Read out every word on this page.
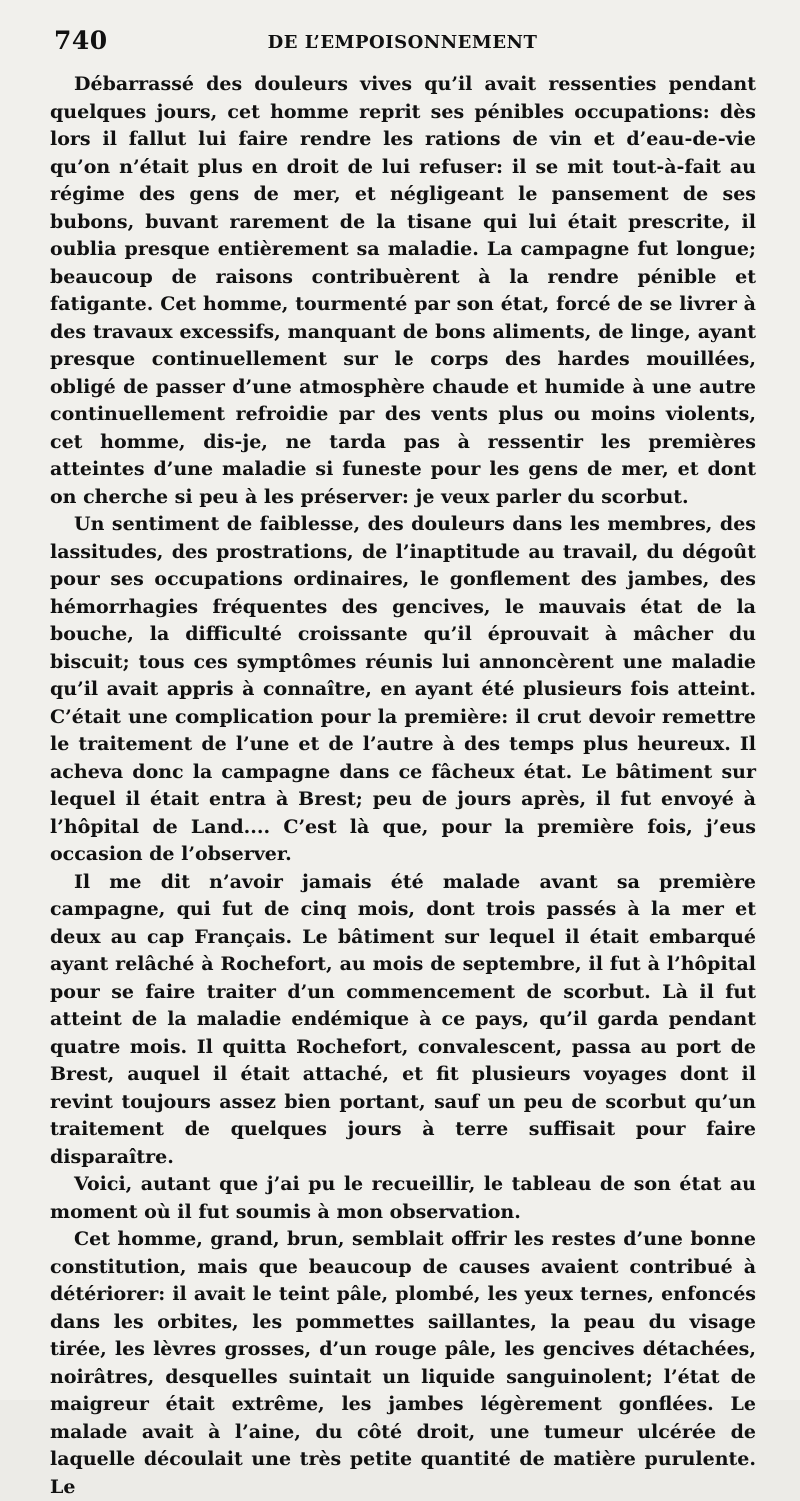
740	DE L’EMPOISONNEMENT

Débarrassé des douleurs vives qu’il avait ressenties pendant quelques jours, cet homme reprit ses pénibles occupations: dès lors il fallut lui faire rendre les rations de vin et d’eau-de-vie qu’on n’était plus en droit de lui refuser: il se mit tout-à-fait au régime des gens de mer, et négligeant le pansement de ses bubons, buvant rarement de la tisane qui lui était prescrite, il oublia presque entièrement sa maladie. La campagne fut longue; beaucoup de raisons contribuèrent à la rendre pénible et fatigante. Cet homme, tourmenté par son état, forcé de se livrer à des travaux excessifs, manquant de bons aliments, de linge, ayant presque continuellement sur le corps des hardes mouillées, obligé de passer d’une atmosphère chaude et humide à une autre continuellement refroidie par des vents plus ou moins violents, cet homme, dis-je, ne tarda pas à ressentir les premières atteintes d’une maladie si funeste pour les gens de mer, et dont on cherche si peu à les préserver: je veux parler du scorbut.

Un sentiment de faiblesse, des douleurs dans les membres, des lassitudes, des prostrations, de l’inaptitude au travail, du dégoût pour ses occupations ordinaires, le gonflement des jambes, des hémorrhagies fréquentes des gencives, le mauvais état de la bouche, la difficulté croissante qu’il éprouvait à mâcher du biscuit; tous ces symptômes réunis lui annoncèrent une maladie qu’il avait appris à connaître, en ayant été plusieurs fois atteint. C’était une complication pour la première: il crut devoir remettre le traitement de l’une et de l’autre à des temps plus heureux. Il acheva donc la campagne dans ce fâcheux état. Le bâtiment sur lequel il était entra à Brest; peu de jours après, il fut envoyé à l’hôpital de Land.... C’est là que, pour la première fois, j’eus occasion de l’observer.

Il me dit n’avoir jamais été malade avant sa première campagne, qui fut de cinq mois, dont trois passés à la mer et deux au cap Français. Le bâtiment sur lequel il était embarqué ayant relâché à Rochefort, au mois de septembre, il fut à l’hôpital pour se faire traiter d’un commencement de scorbut. Là il fut atteint de la maladie endémique à ce pays, qu’il garda pendant quatre mois. Il quitta Rochefort, convalescent, passa au port de Brest, auquel il était attaché, et fit plusieurs voyages dont il revint toujours assez bien portant, sauf un peu de scorbut qu’un traitement de quelques jours à terre suffisait pour faire disparaître.

Voici, autant que j’ai pu le recueillir, le tableau de son état au moment où il fut soumis à mon observation.

Cet homme, grand, brun, semblait offrir les restes d’une bonne constitution, mais que beaucoup de causes avaient contribué à détériorer: il avait le teint pâle, plombé, les yeux ternes, enfoncés dans les orbites, les pommettes saillantes, la peau du visage tirée, les lèvres grosses, d’un rouge pâle, les gencives détachées, noirâtres, desquelles suintait un liquide sanguinolent; l’état de maigreur était extrême, les jambes légèrement gonflées. Le malade avait à l’aine, du côté droit, une tumeur ulcérée de laquelle découlait une très petite quantité de matière purulente. Le
